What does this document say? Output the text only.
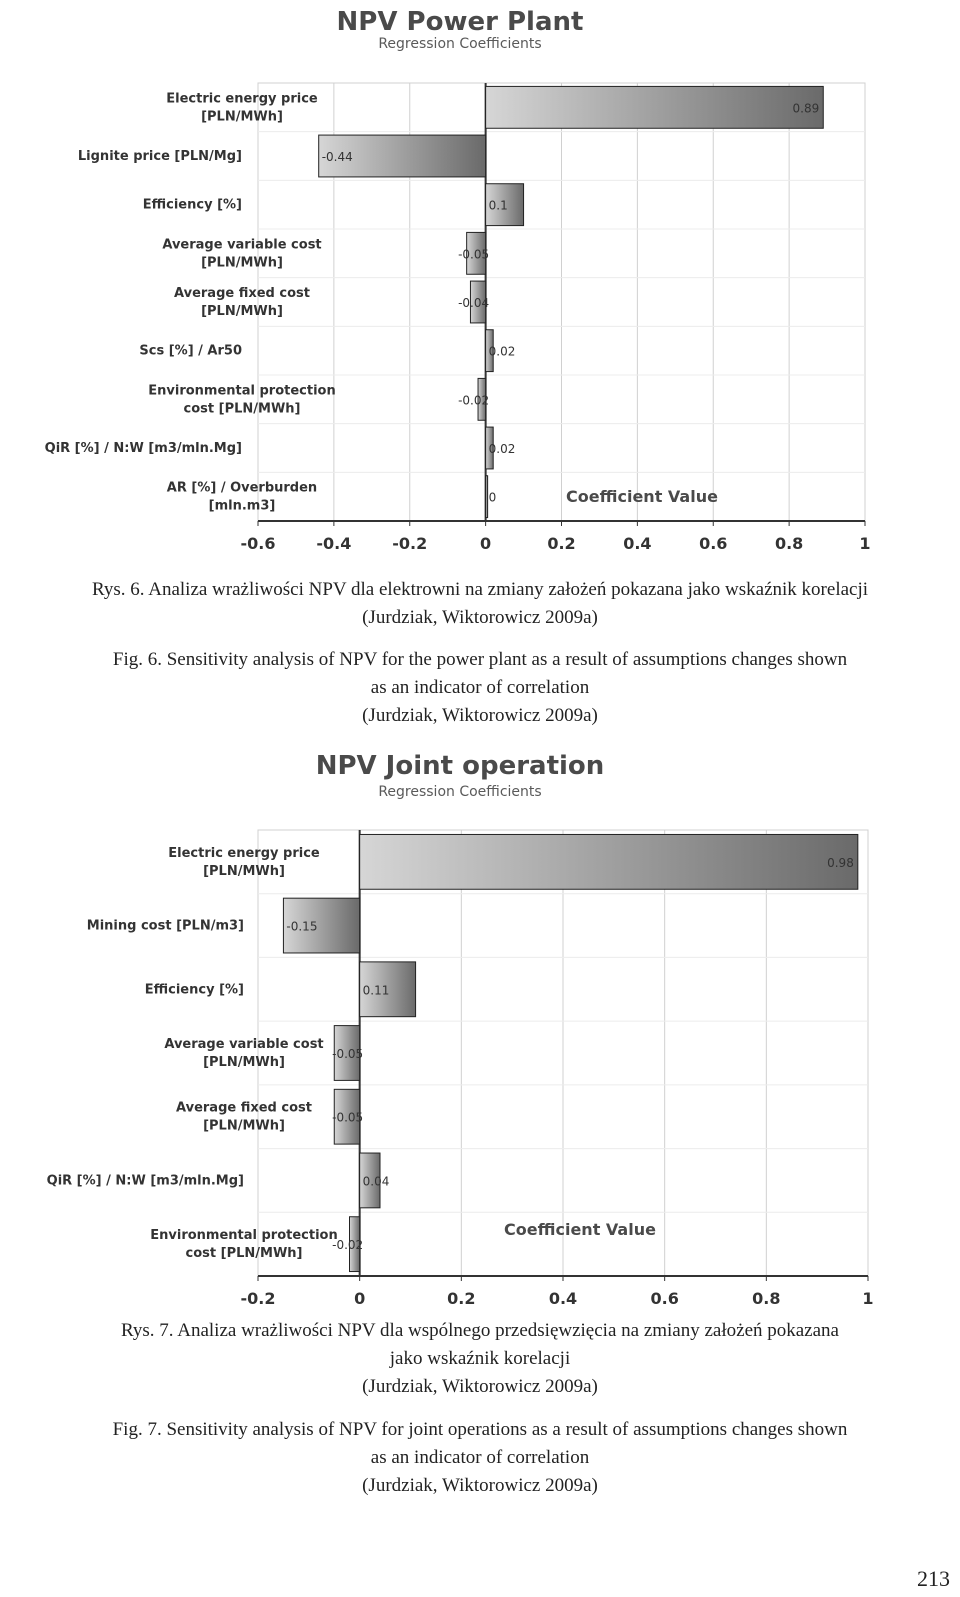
NPV Power Plant
Regression Coefficients
-0.6	-0.4	-0.2	0	0.2	0.4	0.6	0.8	1
0.89
Electric energy price
[PLN/MWh]
-0.44
Lignite price [PLN/Mg]
0.1
Efficiency [%]
-0.05
Average variable cost
[PLN/MWh]
-0.04
Average fixed cost
[PLN/MWh]
0.02
Scs [%] / Ar50
-0.02
Environmental protection
cost [PLN/MWh]
0.02
QiR [%] / N:W [m3/mln.Mg]
0
AR [%] / Overburden
[mln.m3]
Coefficient Value
Rys. 6. Analiza wrażliwości NPV dla elektrowni na zmiany założeń pokazana jako wskaźnik korelacji
(Jurdziak, Wiktorowicz 2009a)
Fig. 6. Sensitivity analysis of NPV for the power plant as a result of assumptions changes shown
as an indicator of correlation
(Jurdziak, Wiktorowicz 2009a)
NPV Joint operation
Regression Coefficients
-0.2	0	0.2	0.4	0.6	0.8	1
0.98
Electric energy price
[PLN/MWh]
-0.15
Mining cost [PLN/m3]
0.11
Efficiency [%]
-0.05
Average variable cost
[PLN/MWh]
-0.05
Average fixed cost
[PLN/MWh]
0.04
QiR [%] / N:W [m3/mln.Mg]
-0.02
Environmental protection
cost [PLN/MWh]
Coefficient Value
Rys. 7. Analiza wrażliwości NPV dla wspólnego przedsięwzięcia na zmiany założeń pokazana
jako wskaźnik korelacji
(Jurdziak, Wiktorowicz 2009a)
Fig. 7. Sensitivity analysis of NPV for joint operations as a result of assumptions changes shown
as an indicator of correlation
(Jurdziak, Wiktorowicz 2009a)
213
